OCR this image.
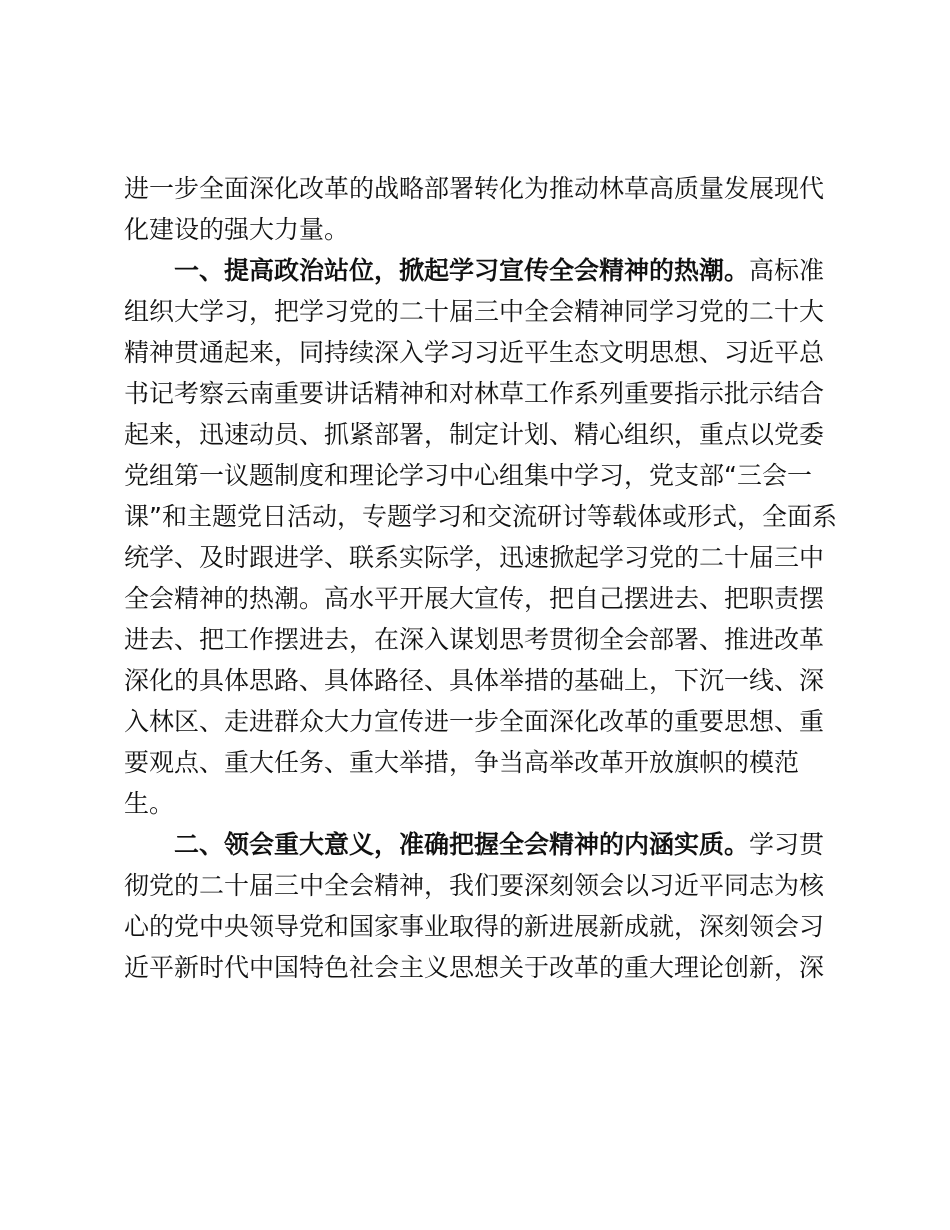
进一步全面深化改革的战略部署转化为推动林草高质量发展现代

化建设的强大力量。

一、提高政治站位，掀起学习宣传全会精神的热潮。高标准

组织大学习，把学习党的二十届三中全会精神同学习党的二十大

精神贯通起来，同持续深入学习习近平生态文明思想、习近平总

书记考察云南重要讲话精神和对林草工作系列重要指示批示结合

起来，迅速动员、抓紧部署，制定计划、精心组织，重点以党委

党组第一议题制度和理论学习中心组集中学习，党支部“三会一

课”和主题党日活动，专题学习和交流研讨等载体或形式，全面系

统学、及时跟进学、联系实际学，迅速掀起学习党的二十届三中

全会精神的热潮。高水平开展大宣传，把自己摆进去、把职责摆

进去、把工作摆进去，在深入谋划思考贯彻全会部署、推进改革

深化的具体思路、具体路径、具体举措的基础上，下沉一线、深

入林区、走进群众大力宣传进一步全面深化改革的重要思想、重

要观点、重大任务、重大举措，争当高举改革开放旗帜的模范

生。

二、领会重大意义，准确把握全会精神的内涵实质。学习贯

彻党的二十届三中全会精神，我们要深刻领会以习近平同志为核

心的党中央领导党和国家事业取得的新进展新成就，深刻领会习

近平新时代中国特色社会主义思想关于改革的重大理论创新，深
